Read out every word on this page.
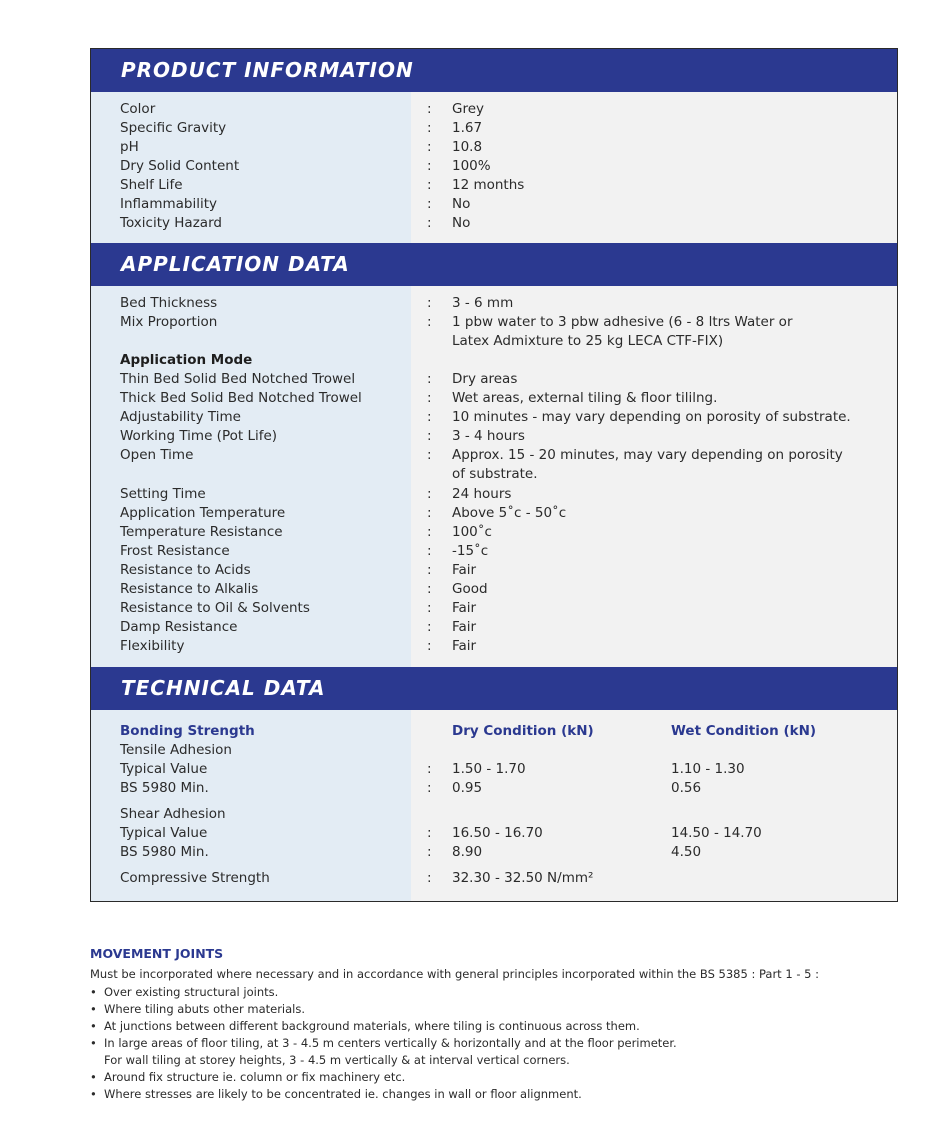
PRODUCT INFORMATION
Color	: Grey
Specific Gravity	: 1.67
pH	: 10.8
Dry Solid Content	: 100%
Shelf Life	: 12 months
Inflammability	: No
Toxicity Hazard	: No
APPLICATION DATA
Bed Thickness	: 3 - 6 mm
Mix Proportion	: 1 pbw water to 3 pbw adhesive (6 - 8 ltrs Water or
Latex Admixture to 25 kg LECA CTF-FIX)
Application Mode
Thin Bed Solid Bed Notched Trowel	: Dry areas
Thick Bed Solid Bed Notched Trowel	: Wet areas, external tiling & floor tililng.
Adjustability Time	: 10 minutes - may vary depending on porosity of substrate.
Working Time (Pot Life)	: 3 - 4 hours
Open Time	: Approx. 15 - 20 minutes, may vary depending on porosity
of substrate.
Setting Time	: 24 hours
Application Temperature	: Above 5˚c - 50˚c
Temperature Resistance	: 100˚c
Frost Resistance	: -15˚c
Resistance to Acids	: Fair
Resistance to Alkalis	: Good
Resistance to Oil & Solvents	: Fair
Damp Resistance	: Fair
Flexibility	: Fair
TECHNICAL DATA
Bonding Strength	Dry Condition (kN)	Wet Condition (kN)
Tensile Adhesion
Typical Value	: 1.50 - 1.70	1.10 - 1.30
BS 5980 Min.	: 0.95	0.56
Shear Adhesion
Typical Value	: 16.50 - 16.70	14.50 - 14.70
BS 5980 Min.	: 8.90	4.50
Compressive Strength	: 32.30 - 32.50 N/mm²
MOVEMENT JOINTS
Must be incorporated where necessary and in accordance with general principles incorporated within the BS 5385 : Part 1 - 5 :
• Over existing structural joints.
• Where tiling abuts other materials.
• At junctions between different background materials, where tiling is continuous across them.
• In large areas of floor tiling, at 3 - 4.5 m centers vertically & horizontally and at the floor perimeter.
For wall tiling at storey heights, 3 - 4.5 m vertically & at interval vertical corners.
• Around fix structure ie. column or fix machinery etc.
• Where stresses are likely to be concentrated ie. changes in wall or floor alignment.
